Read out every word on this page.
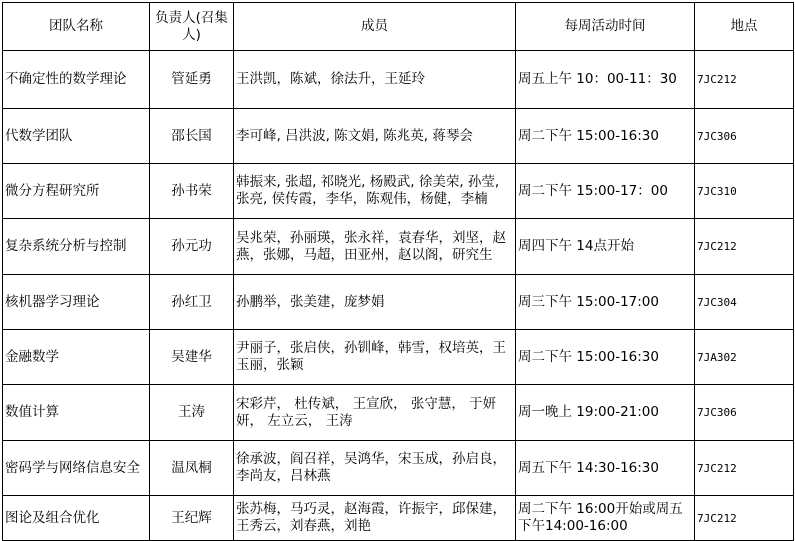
团队名称	负责人(召集人)	成员	每周活动时间	地点
不确定性的数学理论	管延勇	王洪凯，陈斌，徐法升，王延玲	周五上午 10：00-11：30	7JC212
代数学团队	邵长国	李可峰, 吕洪波, 陈文娟, 陈兆英, 蒋琴会	周二下午 15:00-16:30	7JC306
微分方程研究所	孙书荣	韩振来, 张超, 祁晓光, 杨殿武, 徐美荣, 孙莹, 张亮, 侯传霞，李华，陈观伟，杨健，李楠	周二下午 15:00-17：00	7JC310
复杂系统分析与控制	孙元功	吴兆荣，孙丽瑛，张永祥，袁春华，刘坚，赵燕，张娜，马超，田亚州，赵以阁，研究生	周四下午 14点开始	7JC212
核机器学习理论	孙红卫	孙鹏举，张美建，庞梦娟	周三下午 15:00-17:00	7JC304
金融数学	吴建华	尹丽子，张启侠，孙钏峰，韩雪，权培英，王玉丽，张颖	周二下午 15:00-16:30	7JA302
数值计算	王涛	宋彩芹， 杜传斌， 王宣欣， 张守慧， 于妍妍， 左立云， 王涛	周一晚上 19:00-21:00	7JC306
密码学与网络信息安全	温凤桐	徐承波，阎召祥，吴鸿华，宋玉成，孙启良，李尚友，吕林燕	周五下午 14:30-16:30	7JC212
图论及组合优化	王纪辉	张苏梅，马巧灵，赵海霞，许振宇，邱保建，王秀云，刘春燕，刘艳	周二下午 16:00开始或周五下午14:00-16:00	7JC212
